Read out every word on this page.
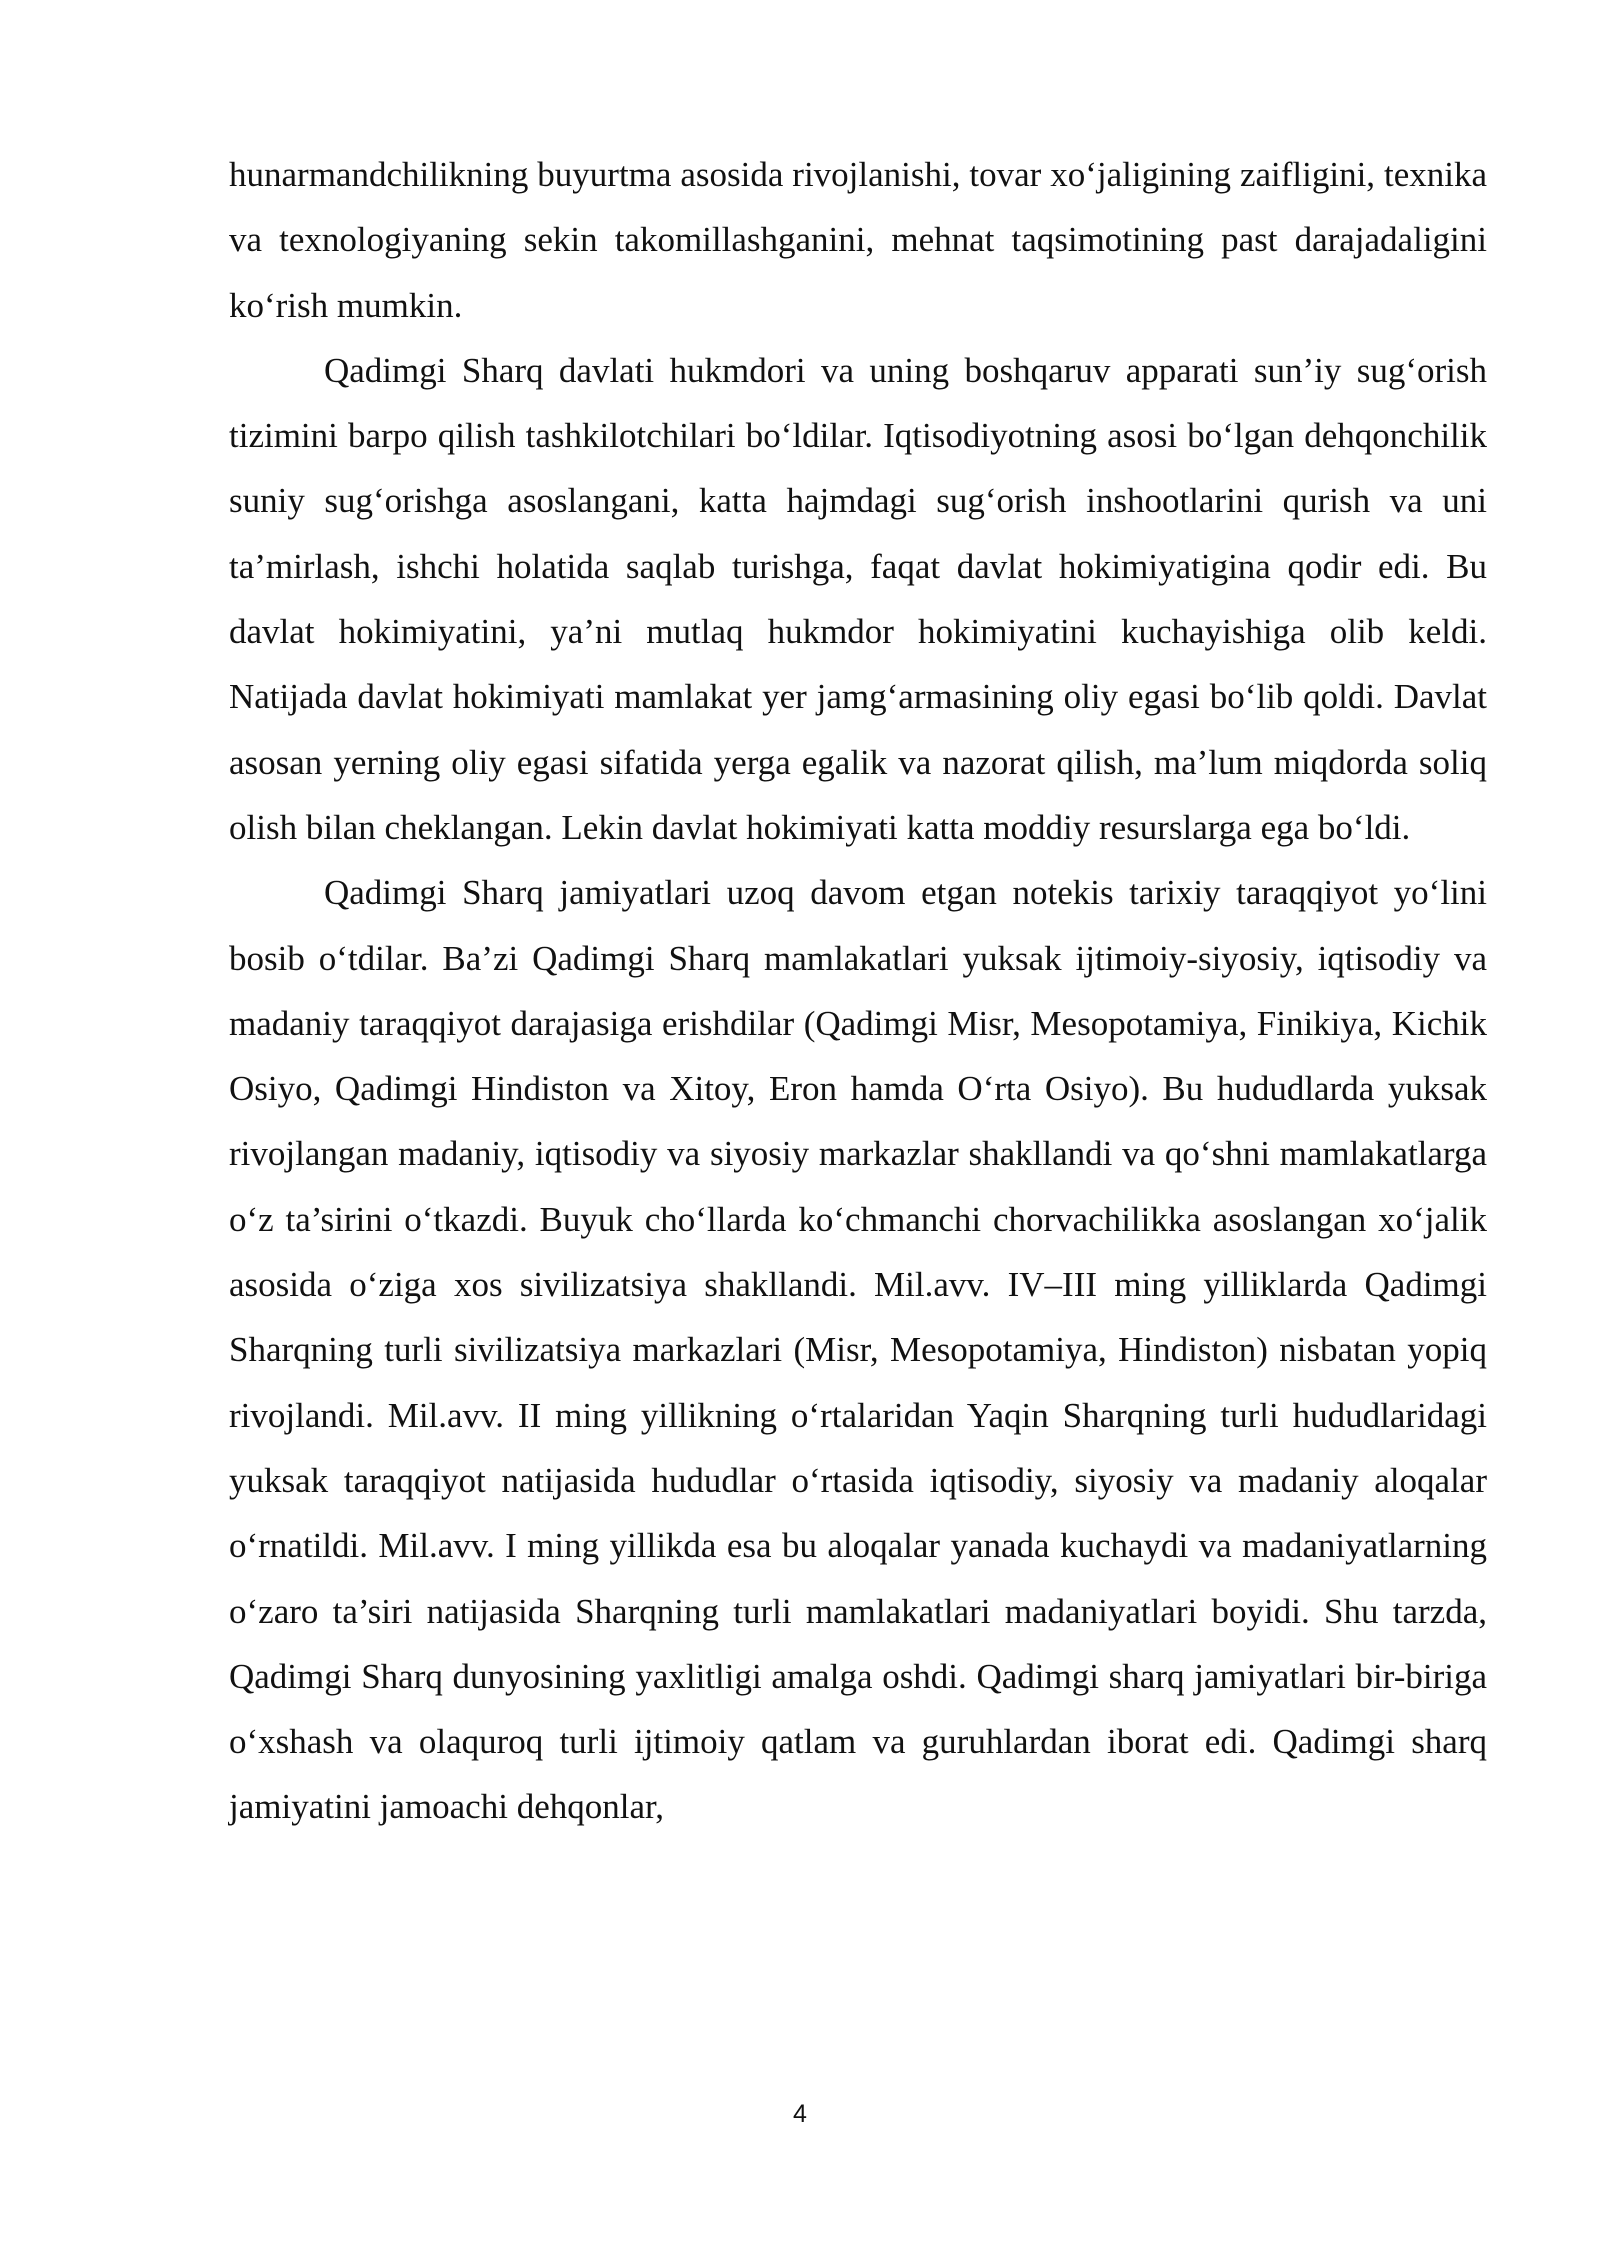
hunarmandchilikning buyurtma asosida rivojlanishi, tovar xo‘jaligining zaifligini, texnika va texnologiyaning sekin takomillashganini, mehnat taqsimotining past darajadaligini ko‘rish mumkin.

Qadimgi Sharq davlati hukmdori va uning boshqaruv apparati sun’iy sug‘orish tizimini barpo qilish tashkilotchilari bo‘ldilar. Iqtisodiyotning asosi bo‘lgan dehqonchilik suniy sug‘orishga asoslangani, katta hajmdagi sug‘orish inshootlarini qurish va uni ta’mirlash, ishchi holatida saqlab turishga, faqat davlat hokimiyatigina qodir edi. Bu davlat hokimiyatini, ya’ni mutlaq hukmdor hokimiyatini kuchayishiga olib keldi. Natijada davlat hokimiyati mamlakat yer jamg‘armasining oliy egasi bo‘lib qoldi. Davlat asosan yerning oliy egasi sifatida yerga egalik va nazorat qilish, ma’lum miqdorda soliq olish bilan cheklangan. Lekin davlat hokimiyati katta moddiy resurslarga ega bo‘ldi.

Qadimgi Sharq jamiyatlari uzoq davom etgan notekis tarixiy taraqqiyot yo‘lini bosib o‘tdilar. Ba’zi Qadimgi Sharq mamlakatlari yuksak ijtimoiy-siyosiy, iqtisodiy va madaniy taraqqiyot darajasiga erishdilar (Qadimgi Misr, Mesopotamiya, Finikiya, Kichik Osiyo, Qadimgi Hindiston va Xitoy, Eron hamda O‘rta Osiyo). Bu hududlarda yuksak rivojlangan madaniy, iqtisodiy va siyosiy markazlar shakllandi va qo‘shni mamlakatlarga o‘z ta’sirini o‘tkazdi. Buyuk cho‘llarda ko‘chmanchi chorvachilikka asoslangan xo‘jalik asosida o‘ziga xos sivilizatsiya shakllandi. Mil.avv. IV–III ming yilliklarda Qadimgi Sharqning turli sivilizatsiya markazlari (Misr, Mesopotamiya, Hindiston) nisbatan yopiq rivojlandi. Mil.avv. II ming yillikning o‘rtalaridan Yaqin Sharqning turli hududlaridagi yuksak taraqqiyot natijasida hududlar o‘rtasida iqtisodiy, siyosiy va madaniy aloqalar o‘rnatildi. Mil.avv. I ming yillikda esa bu aloqalar yanada kuchaydi va madaniyatlarning o‘zaro ta’siri natijasida Sharqning turli mamlakatlari madaniyatlari boyidi. Shu tarzda, Qadimgi Sharq dunyosining yaxlitligi amalga oshdi. Qadimgi sharq jamiyatlari bir-biriga o‘xshash va olaquroq turli ijtimoiy qatlam va guruhlardan iborat edi. Qadimgi sharq jamiyatini jamoachi dehqonlar,

4
